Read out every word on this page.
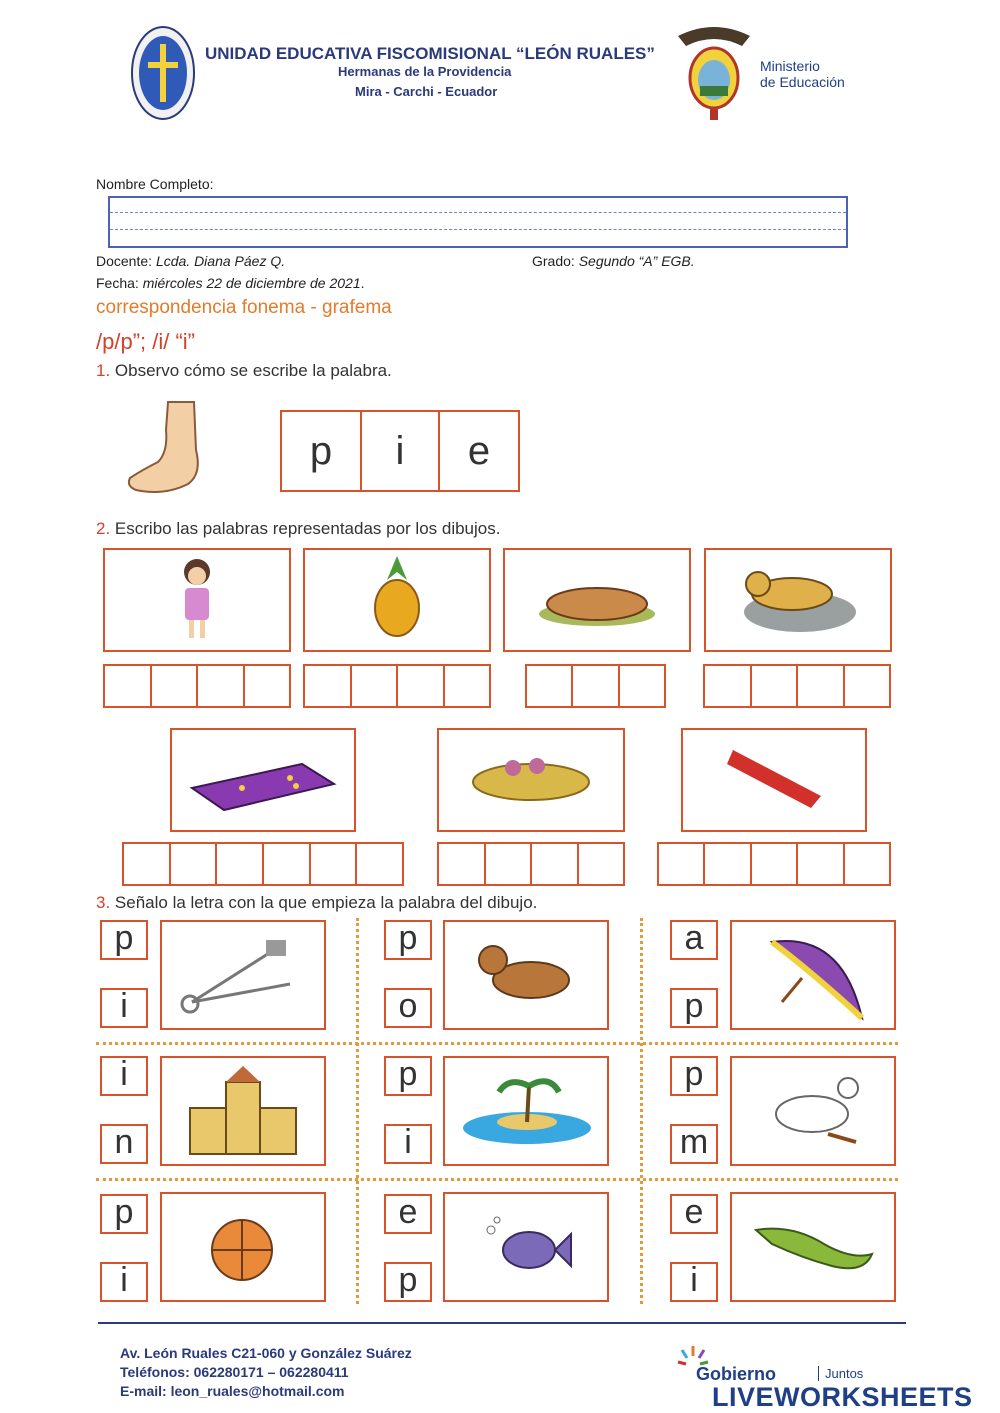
UNIDAD EDUCATIVA FISCOMISIONAL “LEÓN RUALES”
Hermanas de la Providencia
Mira - Carchi - Ecuador
Ministerio
de Educación
Nombre Completo:
Docente: Lcda. Diana Páez Q.	Grado: Segundo “A” EGB.
Fecha: miércoles 22 de diciembre de 2021.
correspondencia fonema - grafema
/p/p”; /i/ “i”
1. Observo cómo se escribe la palabra.
p	i	e
2. Escribo las palabras representadas por los dibujos.
3. Señalo la letra con la que empieza la palabra del dibujo.
p
i
p
o
a
p
i
n
p
i
p
m
p
i
e
p
e
i
Av. León Ruales C21-060 y González Suárez
Teléfonos: 062280171 – 062280411
E-mail: leon_ruales@hotmail.com
Gobierno	Juntos
LIVEWORKSHEETS
